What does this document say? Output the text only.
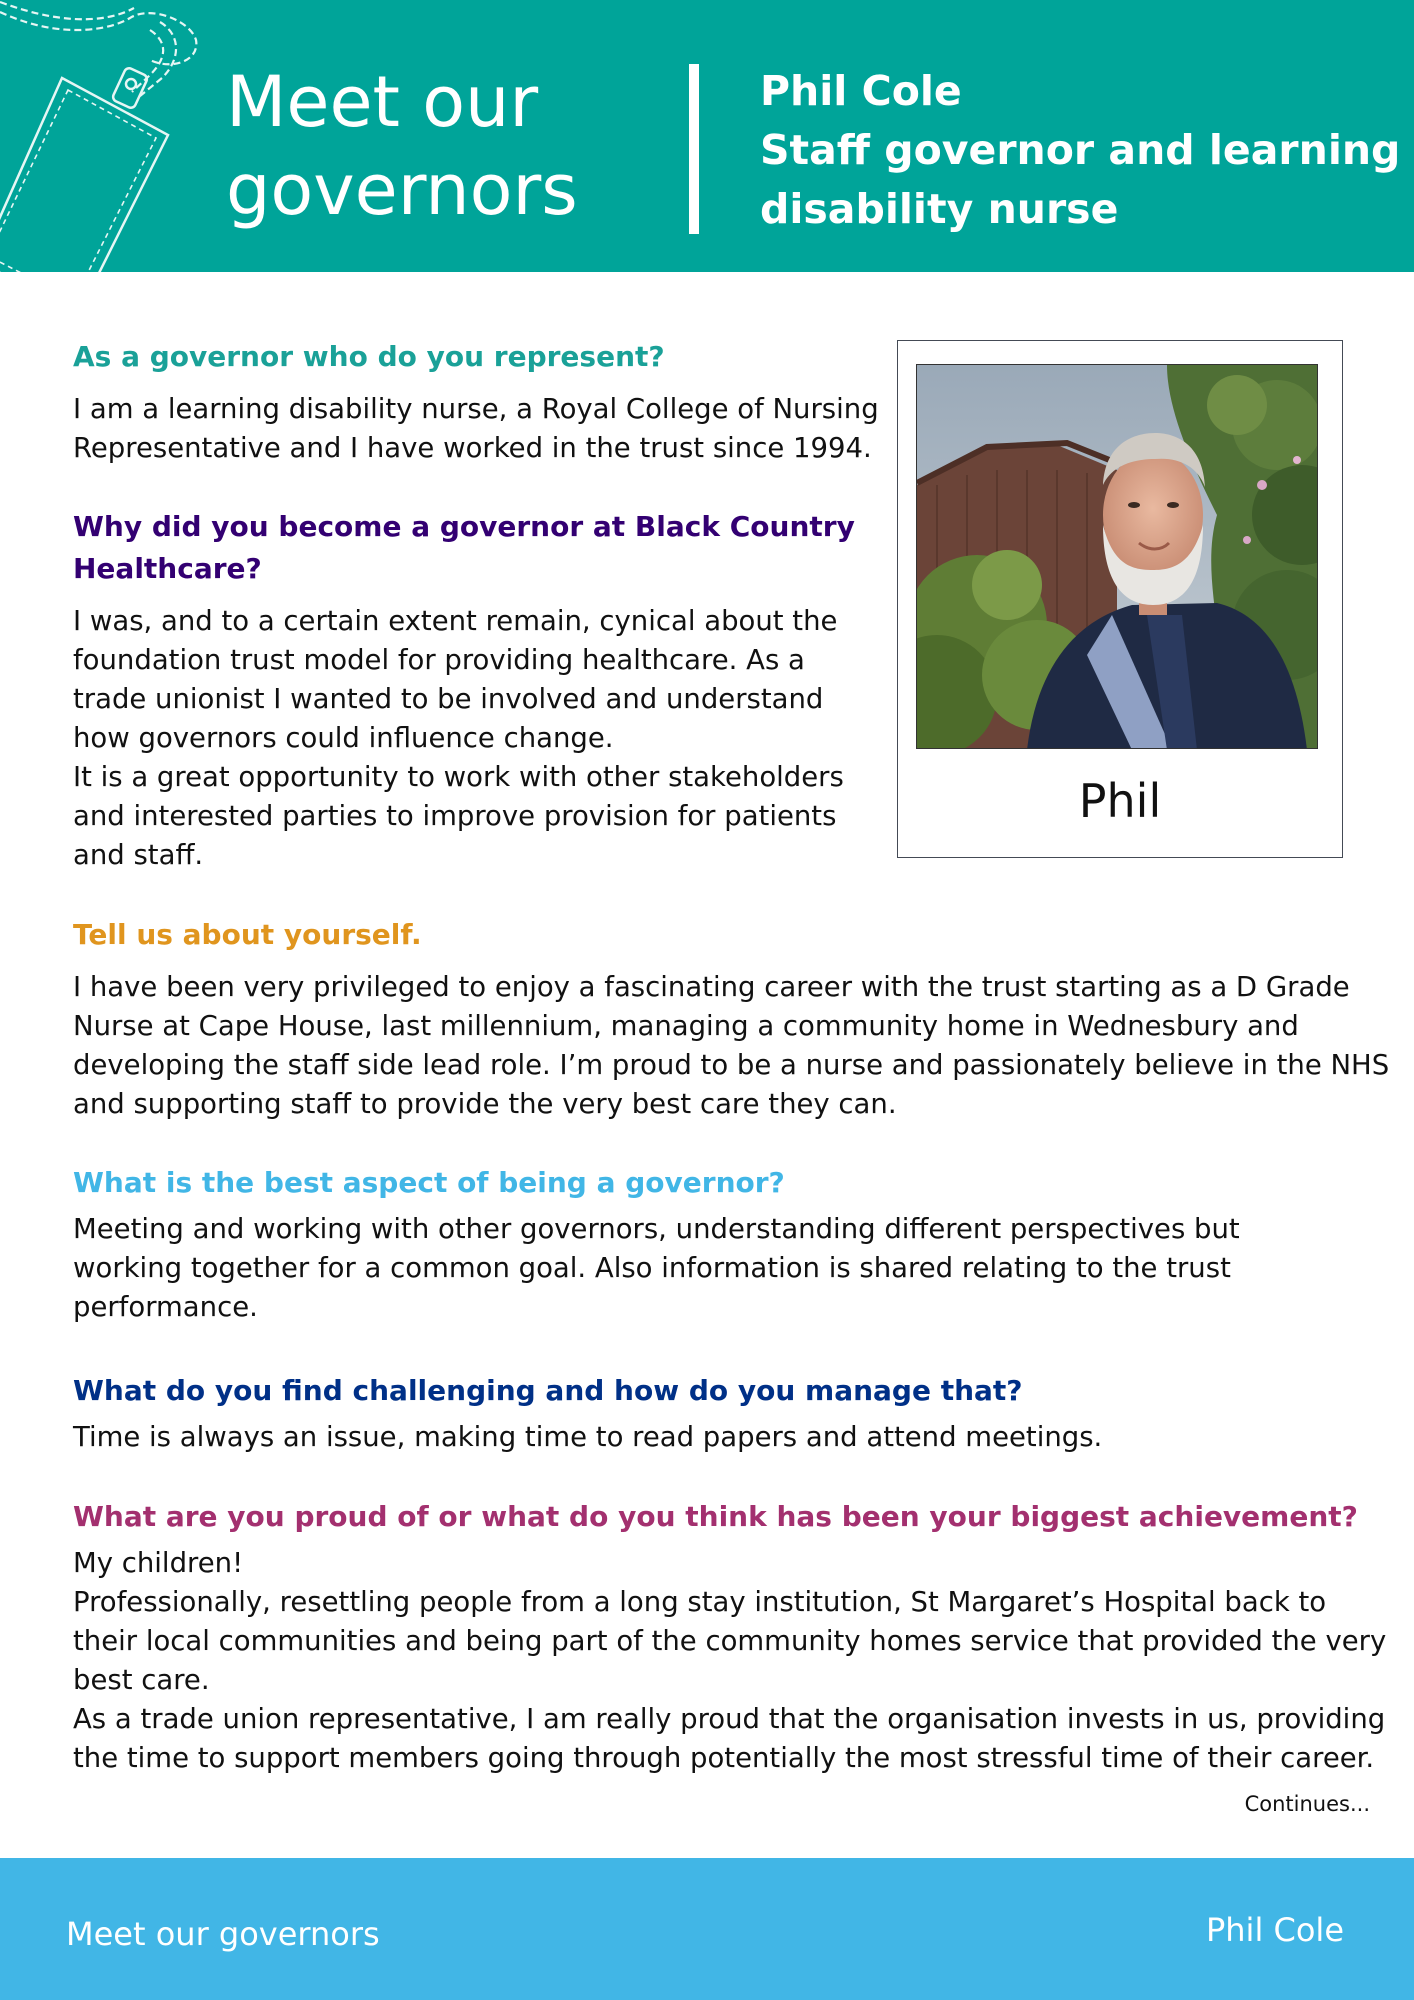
Meet our
governors
Phil Cole
Staff governor and learning
disability nurse
Phil
As a governor who do you represent?

I am a learning disability nurse, a Royal College of Nursing

Representative and I have worked in the trust since 1994.

Why did you become a governor at Black Country
Healthcare?

I was, and to a certain extent remain, cynical about the

foundation trust model for providing healthcare. As a

trade unionist I wanted to be involved and understand

how governors could influence change.

It is a great opportunity to work with other stakeholders

and interested parties to improve provision for patients

and staff.

Tell us about yourself.

I have been very privileged to enjoy a fascinating career with the trust starting as a D Grade

Nurse at Cape House, last millennium, managing a community home in Wednesbury and

developing the staff side lead role. I’m proud to be a nurse and passionately believe in the NHS

and supporting staff to provide the very best care they can.

What is the best aspect of being a governor?

Meeting and working with other governors, understanding different perspectives but

working together for a common goal. Also information is shared relating to the trust

performance.

What do you find challenging and how do you manage that?

Time is always an issue, making time to read papers and attend meetings.

What are you proud of or what do you think has been your biggest achievement?

My children!

Professionally, resettling people from a long stay institution, St Margaret’s Hospital back to

their local communities and being part of the community homes service that provided the very

best care.

As a trade union representative, I am really proud that the organisation invests in us, providing

the time to support members going through potentially the most stressful time of their career.

Continues...
Meet our governors	Phil Cole
